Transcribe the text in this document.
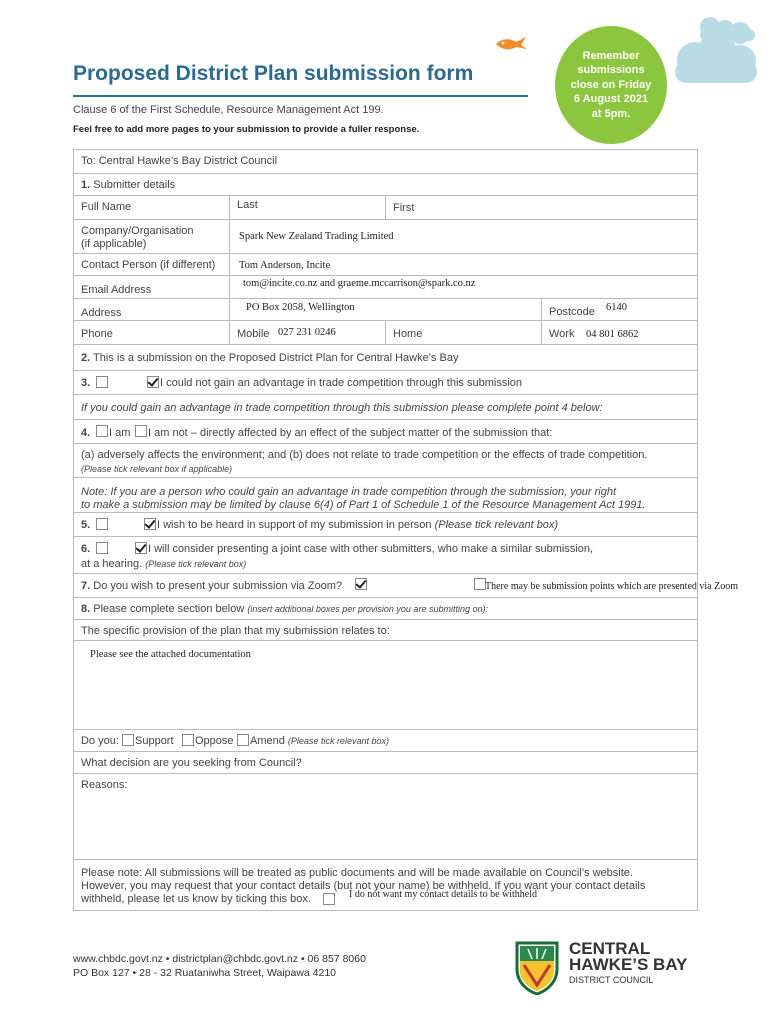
Proposed District Plan submission form
Clause 6 of the First Schedule, Resource Management Act 199.
Feel free to add more pages to your submission to provide a fuller response.
Remember
submissions
close on Friday
6 August 2021
at 5pm.
To: Central Hawke’s Bay District Council
1. Submitter details
Full Name	Last	First
Company/Organisation
(if applicable)
Spark New Zealand Trading Limited
Contact Person (if different) Tom Anderson, Incite
Email Address
tom@incite.co.nz and graeme.mccarrison@spark.co.nz
Address	PO Box 2058, Wellington	Postcode 6140
Phone	Mobile 027 231 0246	Home	Work 04 801 6862
2. This is a submission on the Proposed District Plan for Central Hawke’s Bay
3.	I could not gain an advantage in trade competition through this submission
If you could gain an advantage in trade competition through this submission please complete point 4 below:
4. I am I am not – directly affected by an effect of the subject matter of the submission that:
(a) adversely affects the environment; and (b) does not relate to trade competition or the effects of trade competition.
(Please tick relevant box if applicable)
Note: If you are a person who could gain an advantage in trade competition through the submission, your right
to make a submission may be limited by clause 6(4) of Part 1 of Schedule 1 of the Resource Management Act 1991.
5.	I wish to be heard in support of my submission in person (Please tick relevant box)
6.	I will consider presenting a joint case with other submitters, who make a similar submission,
at a hearing. (Please tick relevant box)
7. Do you wish to present your submission via Zoom?	There may be submission points which are presented via Zoom
8. Please complete section below (insert additional boxes per provision you are submitting on):
The specific provision of the plan that my submission relates to:
Please see the attached documentation
Do you: Support Oppose Amend (Please tick relevant box)
What decision are you seeking from Council?
Reasons:
Please note: All submissions will be treated as public documents and will be made available on Council’s website.
However, you may request that your contact details (but not your name) be withheld. If you want your contact details
withheld, please let us know by ticking this box.	I do not want my contact details to be withheld
www.chbdc.govt.nz • districtplan@chbdc.govt.nz • 06 857 8060
PO Box 127 • 28 - 32 Ruataniwha Street, Waipawa 4210
CENTRAL
HAWKE’S BAY
DISTRICT COUNCIL
